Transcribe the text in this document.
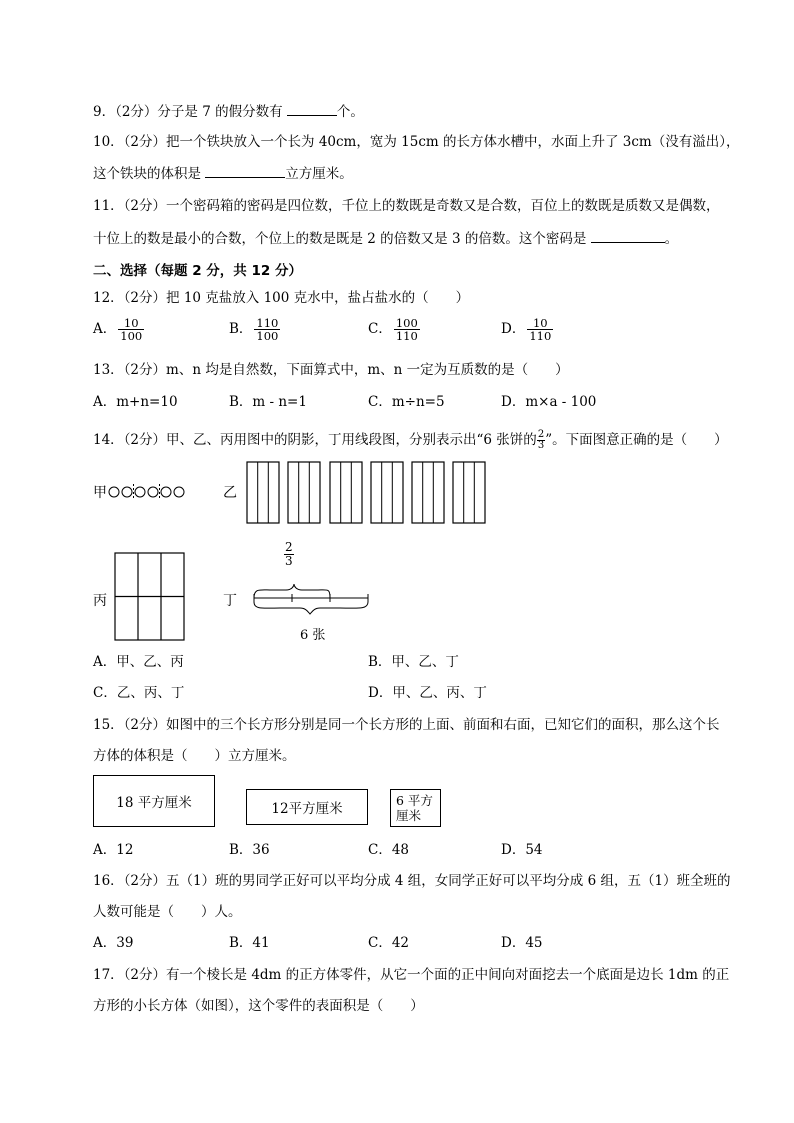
9．（2分）分子是 7 的假分数有	个。
10．（2分）把一个铁块放入一个长为 40cm，宽为 15cm 的长方体水槽中，水面上升了 3cm（没有溢出），
这个铁块的体积是	立方厘米。
11．（2分）一个密码箱的密码是四位数，千位上的数既是奇数又是合数，百位上的数既是质数又是偶数，
十位上的数是最小的合数，个位上的数是既是 2 的倍数又是 3 的倍数。这个密码是	。
二、选择（每题 2 分，共 12 分）
12．（2分）把 10 克盐放入 100 克水中，盐占盐水的（　　）
A． $\frac{10}{100}$	B． $\frac{110}{100}$	C． $\frac{100}{110}$	D． $\frac{10}{110}$
13．（2分）m、n 均是自然数，下面算式中，m、n 一定为互质数的是（　　）
A．m+n=10	B．m - n=1	C．m÷n=5	D．m×a - 100
14．（2分）甲、乙、丙用图中的阴影，丁用线段图，分别表示出“6 张饼的 $\frac{2}{3}$ ”。下面图意正确的是（　　）
甲	乙
丙	丁
$\frac{2}{3}$
6 张
A．甲、乙、丙	B．甲、乙、丁
C．乙、丙、丁	D．甲、乙、丙、丁
15．（2分）如图中的三个长方形分别是同一个长方形的上面、前面和右面，已知它们的面积，那么这个长
方体的体积是（　　）立方厘米。
18 平方厘米	12平方厘米
6 平方
厘米
A．12	B．36	C．48	D．54
16．（2分）五（1）班的男同学正好可以平均分成 4 组，女同学正好可以平均分成 6 组，五（1）班全班的
人数可能是（　　）人。
A．39	B．41	C．42	D．45
17．（2分）有一个棱长是 4dm 的正方体零件，从它一个面的正中间向对面挖去一个底面是边长 1dm 的正
方形的小长方体（如图），这个零件的表面积是（　　）
